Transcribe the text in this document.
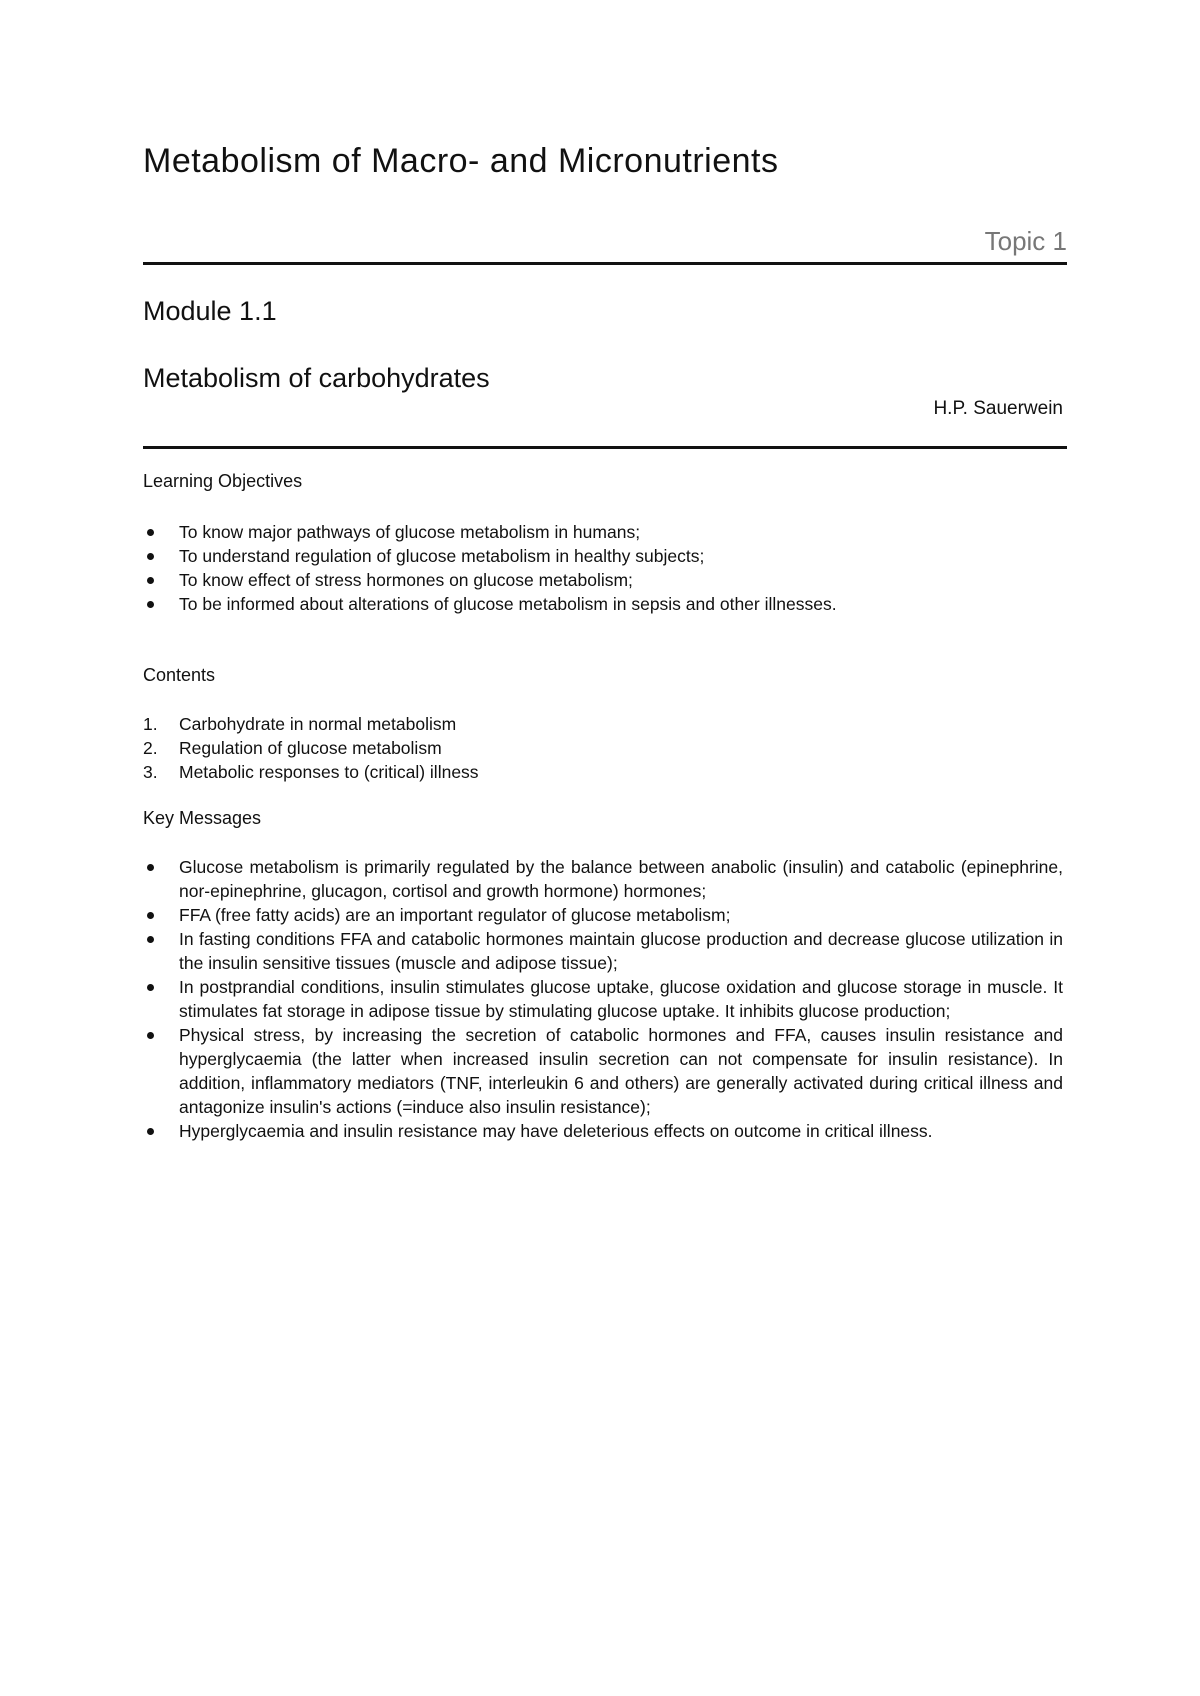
Metabolism of Macro- and Micronutrients
Topic 1
Module 1.1
Metabolism of carbohydrates
H.P. Sauerwein
Learning Objectives
To know major pathways of glucose metabolism in humans;
To understand regulation of glucose metabolism in healthy subjects;
To know effect of stress hormones on glucose metabolism;
To be informed about alterations of glucose metabolism in sepsis and other illnesses.
Contents
1. Carbohydrate in normal metabolism
2. Regulation of glucose metabolism
3. Metabolic responses to (critical) illness
Key Messages
Glucose metabolism is primarily regulated by the balance between anabolic (insulin) and catabolic (epinephrine, nor-epinephrine, glucagon, cortisol and growth hormone) hormones;
FFA (free fatty acids) are an important regulator of glucose metabolism;
In fasting conditions FFA and catabolic hormones maintain glucose production and decrease glucose utilization in the insulin sensitive tissues (muscle and adipose tissue);
In postprandial conditions, insulin stimulates glucose uptake, glucose oxidation and glucose storage in muscle. It stimulates fat storage in adipose tissue by stimulating glucose uptake. It inhibits glucose production;
Physical stress, by increasing the secretion of catabolic hormones and FFA, causes insulin resistance and hyperglycaemia (the latter when increased insulin secretion can not compensate for insulin resistance). In addition, inflammatory mediators (TNF, interleukin 6 and others) are generally activated during critical illness and antagonize insulin's actions (=induce also insulin resistance);
Hyperglycaemia and insulin resistance may have deleterious effects on outcome in critical illness.
